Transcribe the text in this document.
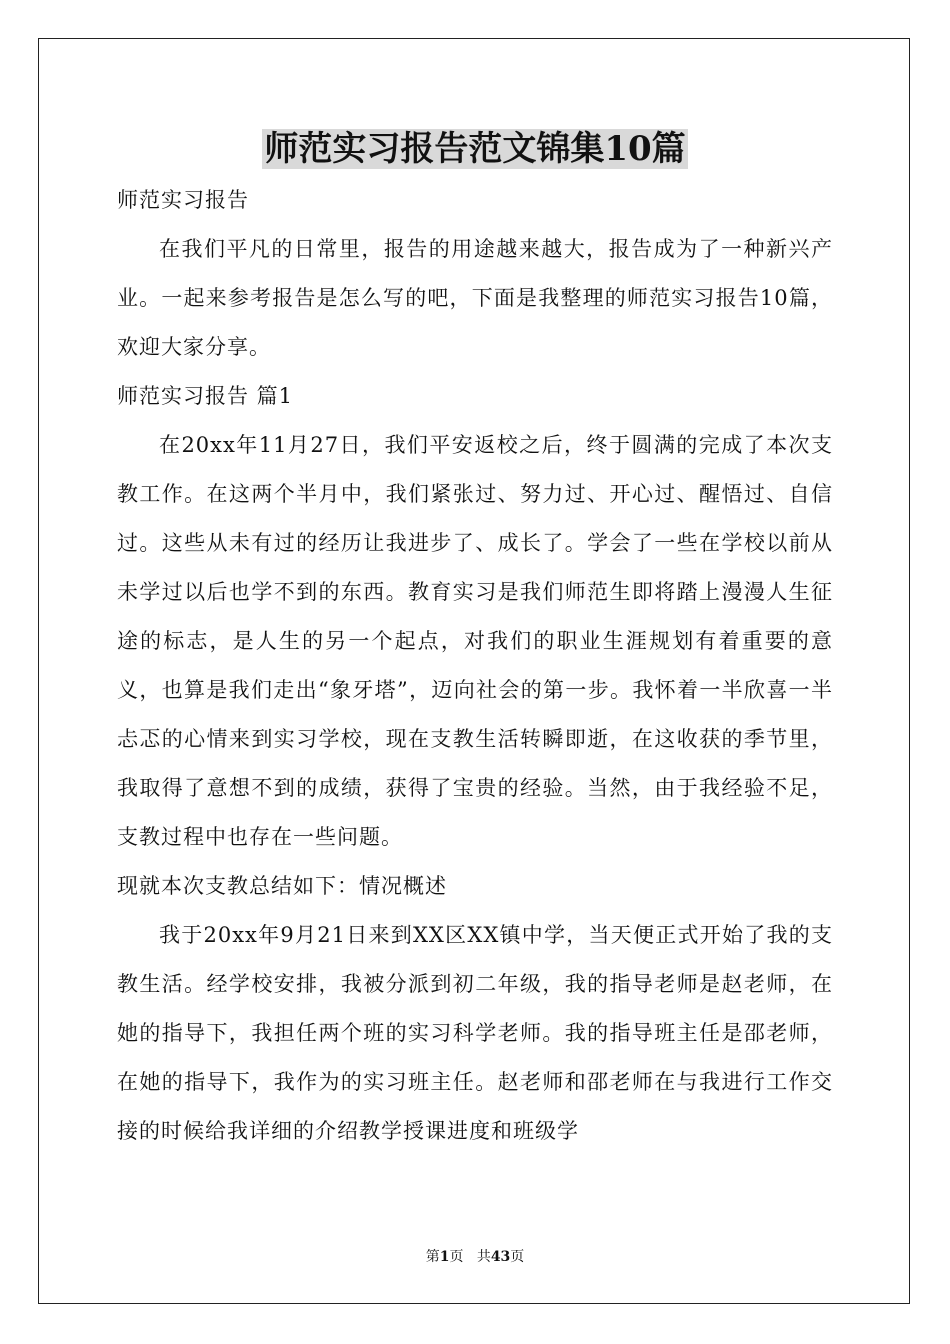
师范实习报告范文锦集10篇

师范实习报告

在我们平凡的日常里，报告的用途越来越大，报告成为了一种新兴产业。一起来参考报告是怎么写的吧，下面是我整理的师范实习报告10篇，欢迎大家分享。

师范实习报告 篇1

在20xx年11月27日，我们平安返校之后，终于圆满的完成了本次支教工作。在这两个半月中，我们紧张过、努力过、开心过、醒悟过、自信过。这些从未有过的经历让我进步了、成长了。学会了一些在学校以前从未学过以后也学不到的东西。教育实习是我们师范生即将踏上漫漫人生征途的标志，是人生的另一个起点，对我们的职业生涯规划有着重要的意义，也算是我们走出“象牙塔”，迈向社会的第一步。我怀着一半欣喜一半忐忑的心情来到实习学校，现在支教生活转瞬即逝，在这收获的季节里，我取得了意想不到的成绩，获得了宝贵的经验。当然，由于我经验不足，支教过程中也存在一些问题。

现就本次支教总结如下：情况概述

我于20xx年9月21日来到XX区XX镇中学，当天便正式开始了我的支教生活。经学校安排，我被分派到初二年级，我的指导老师是赵老师，在她的指导下，我担任两个班的实习科学老师。我的指导班主任是邵老师，在她的指导下，我作为的实习班主任。赵老师和邵老师在与我进行工作交接的时候给我详细的介绍教学授课进度和班级学

第1页 共43页
